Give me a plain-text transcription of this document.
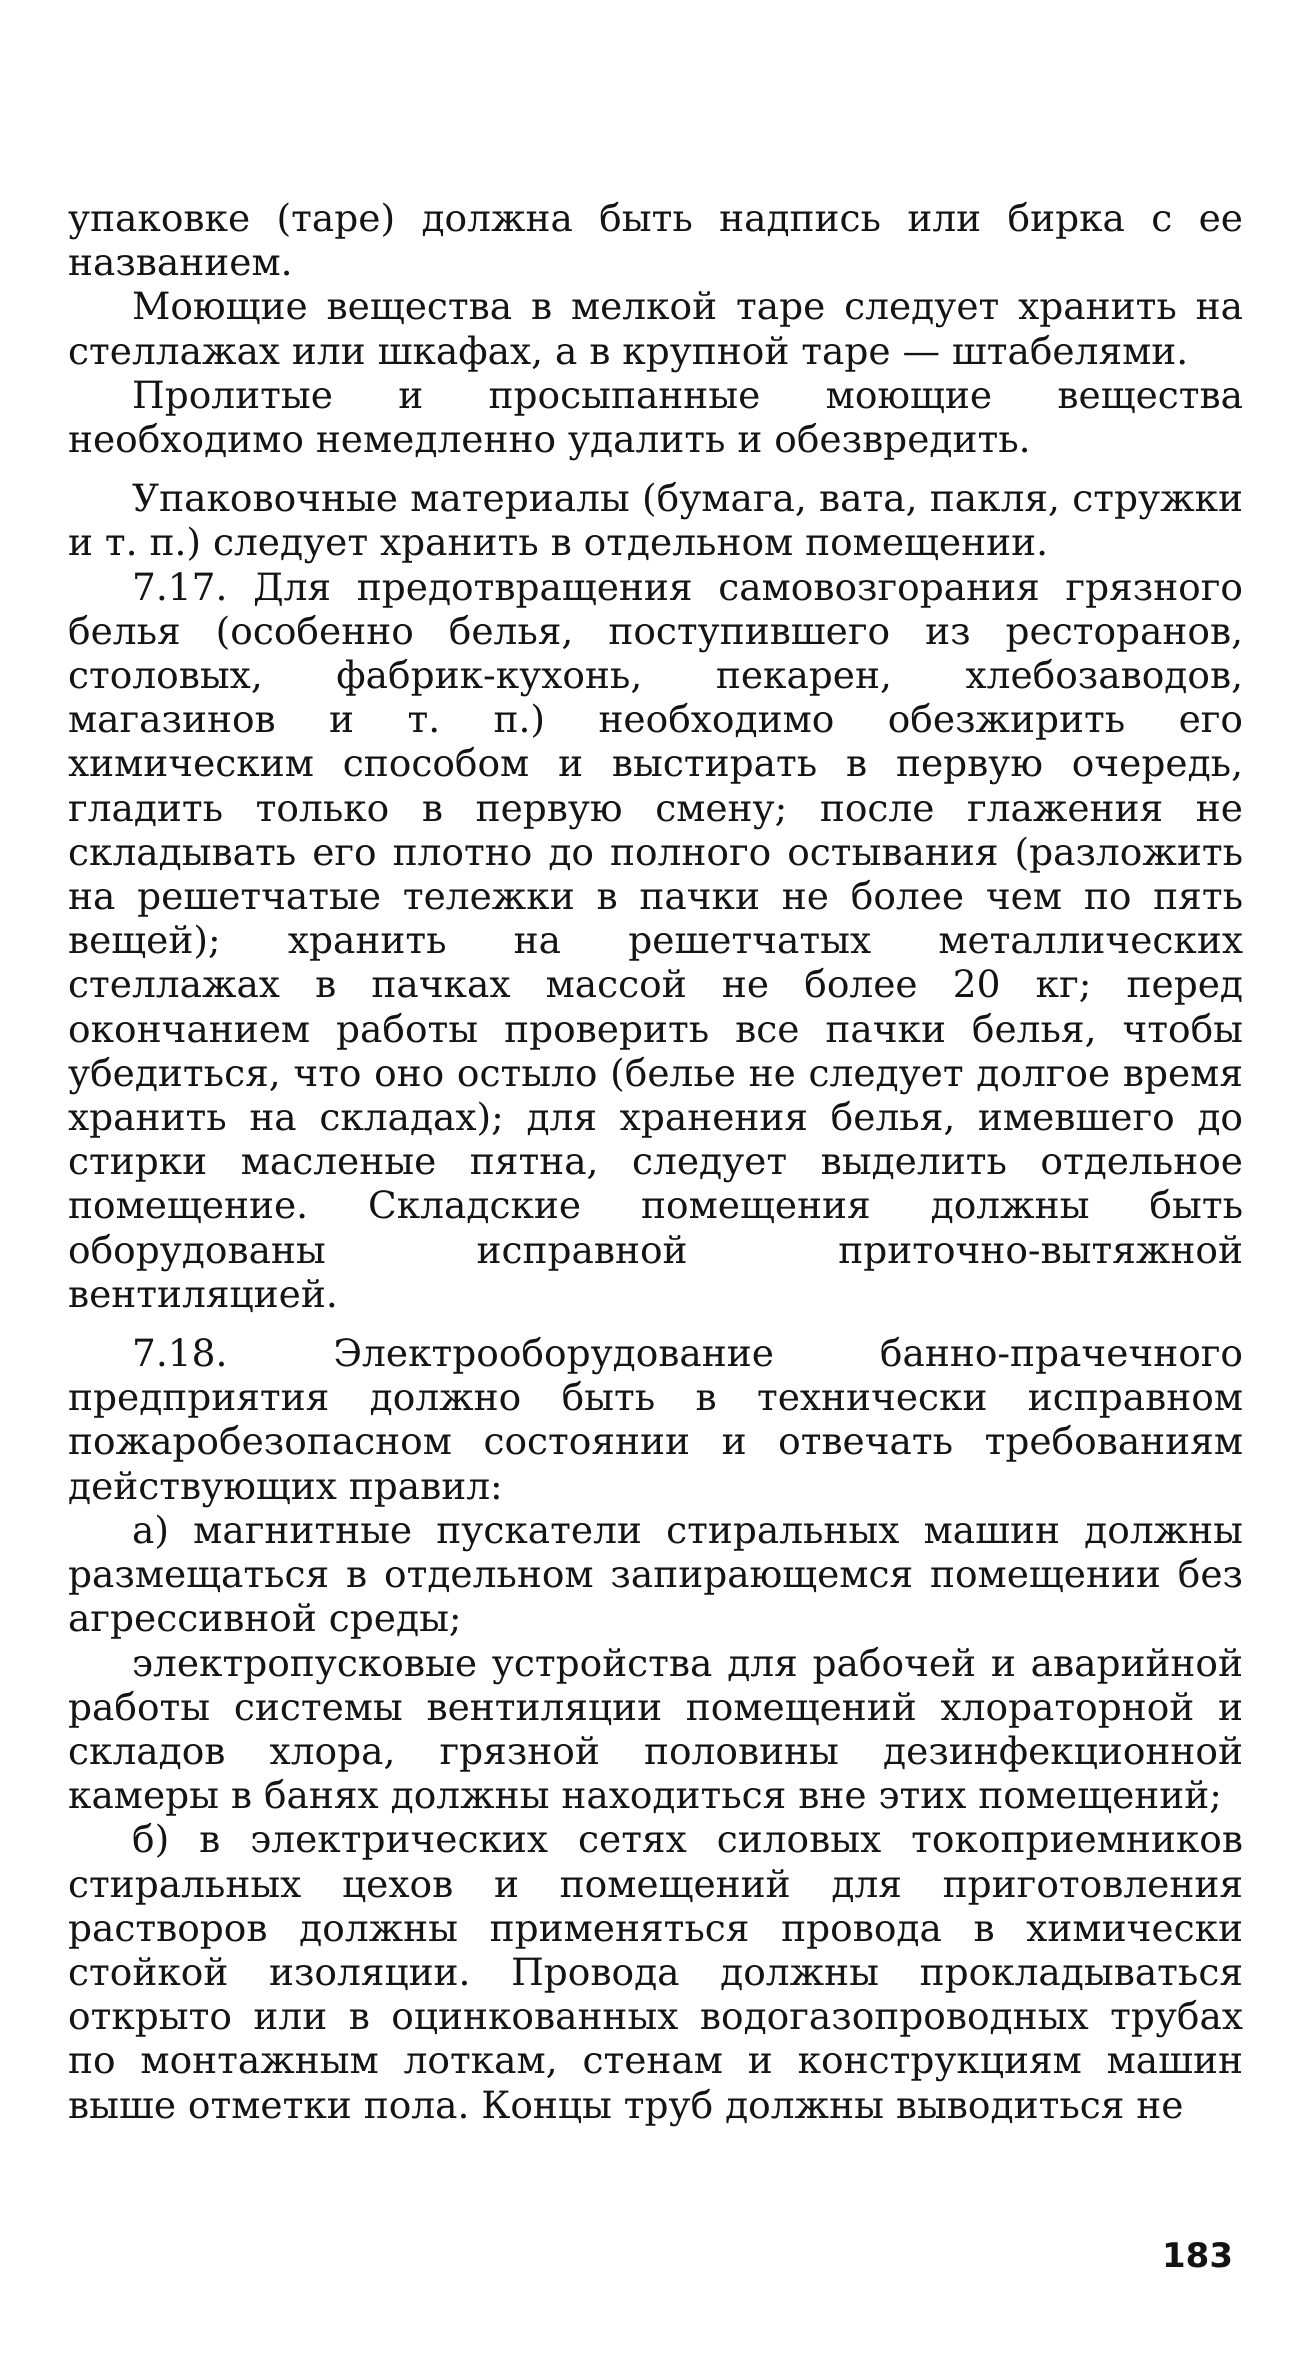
упаковке (таре) должна быть надпись или бирка с ее названием.

Моющие вещества в мелкой таре следует хранить на стеллажах или шкафах, а в крупной таре — штабелями.

Пролитые и просыпанные моющие вещества необходимо немедленно удалить и обезвредить.

Упаковочные материалы (бумага, вата, пакля, стружки и т. п.) следует хранить в отдельном помещении.

7.17. Для предотвращения самовозгорания грязного белья (особенно белья, поступившего из ресторанов, столовых, фабрик-кухонь, пекарен, хлебозаводов, магазинов и т. п.) необходимо обезжирить его химическим способом и выстирать в первую очередь, гладить только в первую смену; после глажения не складывать его плотно до полного остывания (разложить на решетчатые тележки в пачки не более чем по пять вещей); хранить на решетчатых металлических стеллажах в пачках массой не более 20 кг; перед окончанием работы проверить все пачки белья, чтобы убедиться, что оно остыло (белье не следует долгое время хранить на складах); для хранения белья, имевшего до стирки масленые пятна, следует выделить отдельное помещение. Складские помещения должны быть оборудованы исправной приточно-вытяжной вентиляцией.

7.18. Электрооборудование банно-прачечного предприятия должно быть в технически исправном пожаробезопасном состоянии и отвечать требованиям действующих правил:

а) магнитные пускатели стиральных машин должны размещаться в отдельном запирающемся помещении без агрессивной среды;

электропусковые устройства для рабочей и аварийной работы системы вентиляции помещений хлораторной и складов хлора, грязной половины дезинфекционной камеры в банях должны находиться вне этих помещений;

б) в электрических сетях силовых токоприемников стиральных цехов и помещений для приготовления растворов должны применяться провода в химически стойкой изоляции. Провода должны прокладываться открыто или в оцинкованных водогазопроводных трубах по монтажным лоткам, стенам и конструкциям машин выше отметки пола. Концы труб должны выводиться не

183
